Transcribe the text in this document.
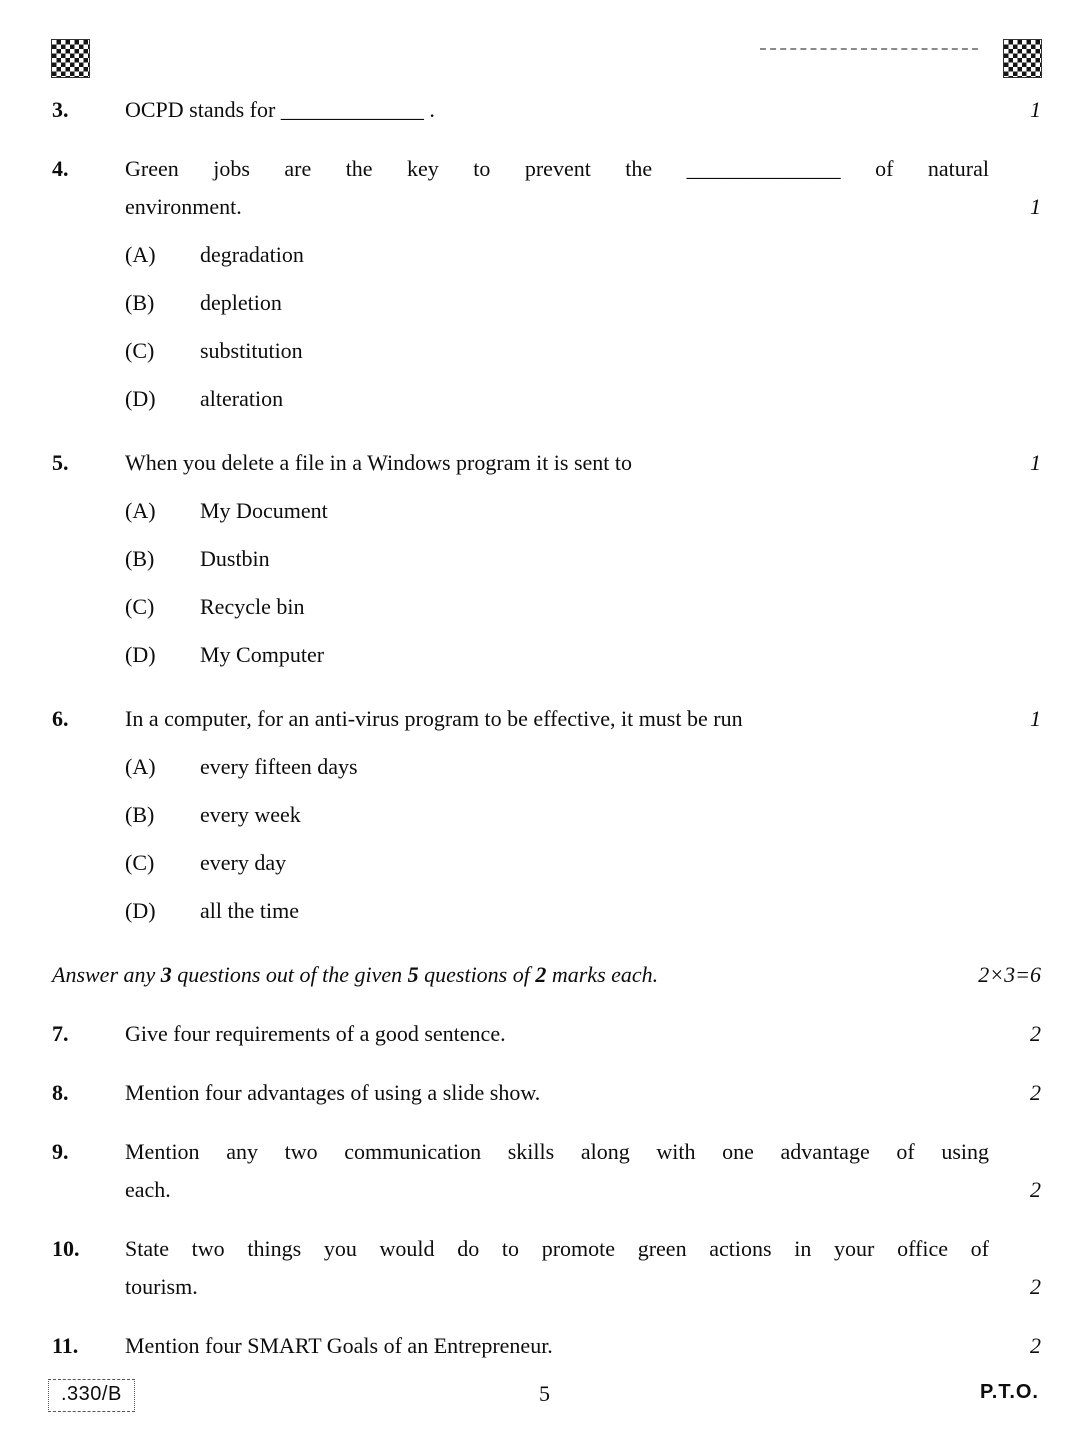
3.	OCPD stands for _____________ .	1
4.	Green jobs are the key to prevent the ______________ of natural
environment.	1
(A)	degradation
(B)	depletion
(C)	substitution
(D)	alteration
5.	When you delete a file in a Windows program it is sent to	1
(A)	My Document
(B)	Dustbin
(C)	Recycle bin
(D)	My Computer
6.	In a computer, for an anti-virus program to be effective, it must be run	1
(A)	every fifteen days
(B)	every week
(C)	every day
(D)	all the time
Answer any 3 questions out of the given 5 questions of 2 marks each.	2×3=6
7.	Give four requirements of a good sentence.	2
8.	Mention four advantages of using a slide show.	2
9.	Mention any two communication skills along with one advantage of using
each.	2
10.	State two things you would do to promote green actions in your office of
tourism.	2
11.	Mention four SMART Goals of an Entrepreneur.	2
.330/B	5	P.T.O.
